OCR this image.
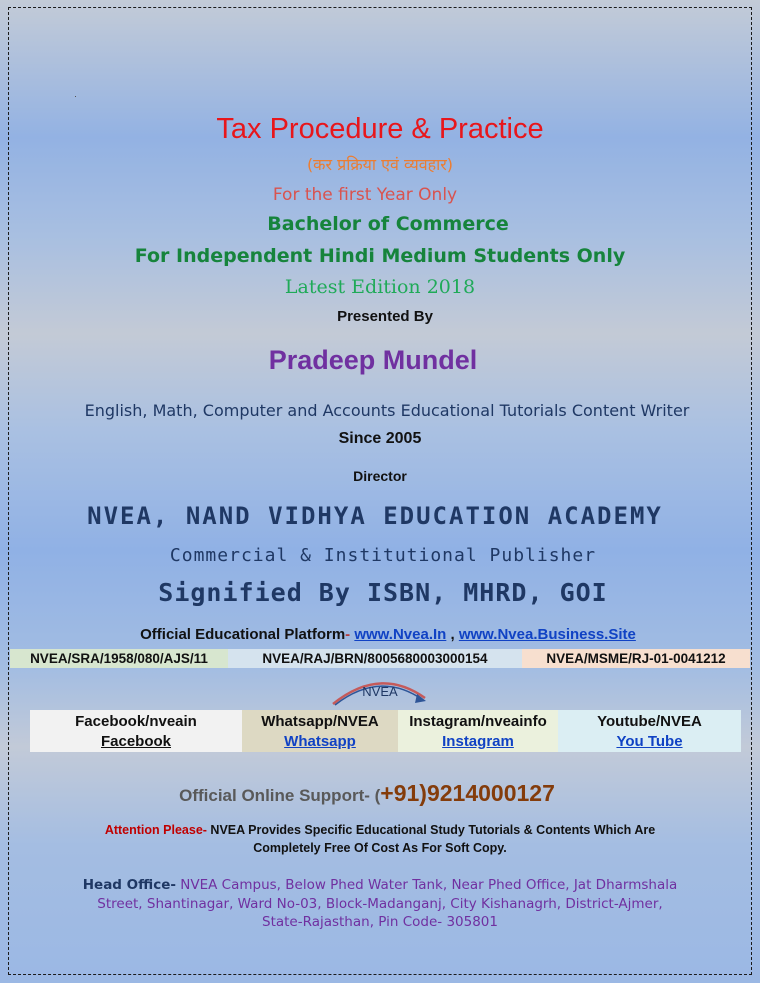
Tax Procedure & Practice
(कर प्रक्रिया एवं व्यवहार)
For the first Year Only
Bachelor of Commerce
For Independent Hindi Medium Students Only
Latest Edition 2018
Presented By
Pradeep Mundel
English, Math, Computer and Accounts Educational Tutorials Content Writer
Since 2005
Director
NVEA, NAND VIDHYA EDUCATION ACADEMY
Commercial & Institutional Publisher
Signified By ISBN, MHRD, GOI
Official Educational Platform- www.Nvea.In , www.Nvea.Business.Site
NVEA/SRA/1958/080/AJS/11	NVEA/RAJ/BRN/8005680003000154	NVEA/MSME/RJ-01-0041212
NVEA
Facebook/nveain
Facebook
Whatsapp/NVEA
Whatsapp
Instagram/nveainfo
Instagram
Youtube/NVEA
You Tube
Official Online Support- (+91)9214000127
Attention Please- NVEA Provides Specific Educational Study Tutorials & Contents Which Are Completely Free Of Cost As For Soft Copy.
Head Office- NVEA Campus, Below Phed Water Tank, Near Phed Office, Jat Dharmshala Street, Shantinagar, Ward No-03, Block-Madanganj, City Kishanagrh, District-Ajmer, State-Rajasthan, Pin Code- 305801
